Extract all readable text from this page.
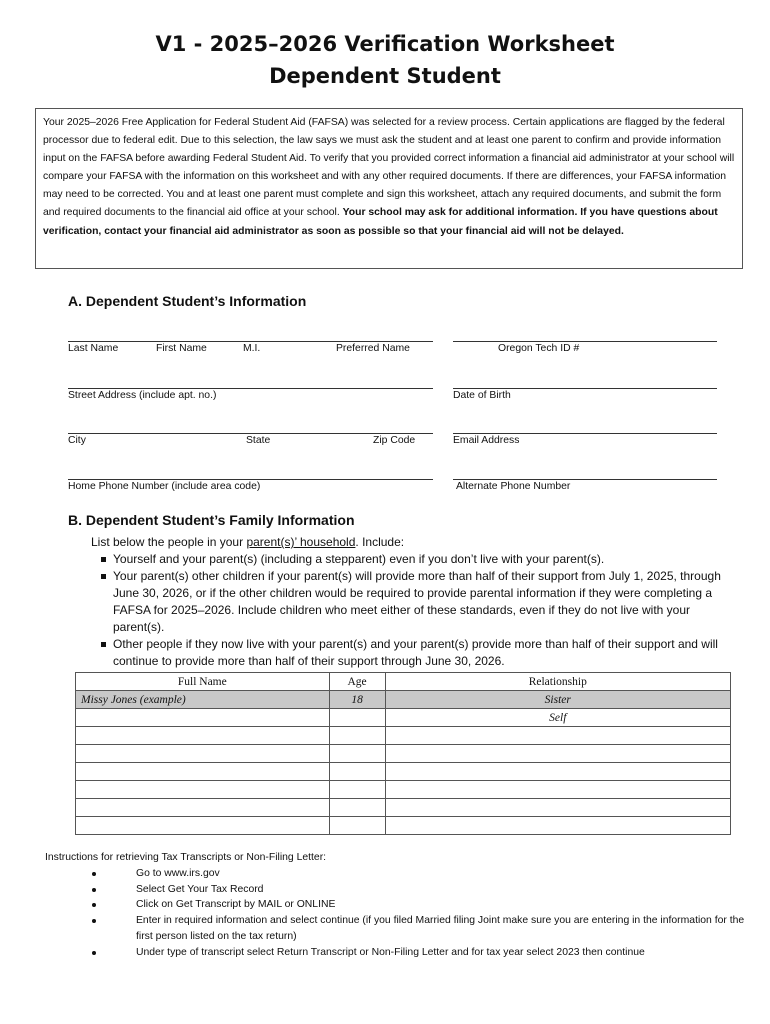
V1 - 2025–2026 Verification Worksheet
Dependent Student
Your 2025–2026 Free Application for Federal Student Aid (FAFSA) was selected for a review process. Certain applications are flagged by the federal processor due to federal edit. Due to this selection, the law says we must ask the student and at least one parent to confirm and provide information input on the FAFSA before awarding Federal Student Aid. To verify that you provided correct information a financial aid administrator at your school will compare your FAFSA with the information on this worksheet and with any other required documents. If there are differences, your FAFSA information may need to be corrected. You and at least one parent must complete and sign this worksheet, attach any required documents, and submit the form and required documents to the financial aid office at your school. Your school may ask for additional information. If you have questions about verification, contact your financial aid administrator as soon as possible so that your financial aid will not be delayed.
A. Dependent Student’s Information
Last Name	First Name	M.I.	Preferred Name	Oregon Tech ID #
Street Address (include apt. no.)	Date of Birth
City	State	Zip Code	Email Address
Home Phone Number (include area code)	Alternate Phone Number
B. Dependent Student’s Family Information
List below the people in your parent(s)’ household. Include:
Yourself and your parent(s) (including a stepparent) even if you don’t live with your parent(s).
Your parent(s) other children if your parent(s) will provide more than half of their support from July 1, 2025, through June 30, 2026, or if the other children would be required to provide parental information if they were completing a FAFSA for 2025–2026. Include children who meet either of these standards, even if they do not live with your parent(s).
Other people if they now live with your parent(s) and your parent(s) provide more than half of their support and will continue to provide more than half of their support through June 30, 2026.
Full Name	Age	Relationship
Missy Jones (example)	18	Sister
		Self

Instructions for retrieving Tax Transcripts or Non-Filing Letter:
Go to www.irs.gov
Select Get Your Tax Record
Click on Get Transcript by MAIL or ONLINE
Enter in required information and select continue (if you filed Married filing Joint make sure you are entering in the information for the first person listed on the tax return)
Under type of transcript select Return Transcript or Non-Filing Letter and for tax year select 2023 then continue
